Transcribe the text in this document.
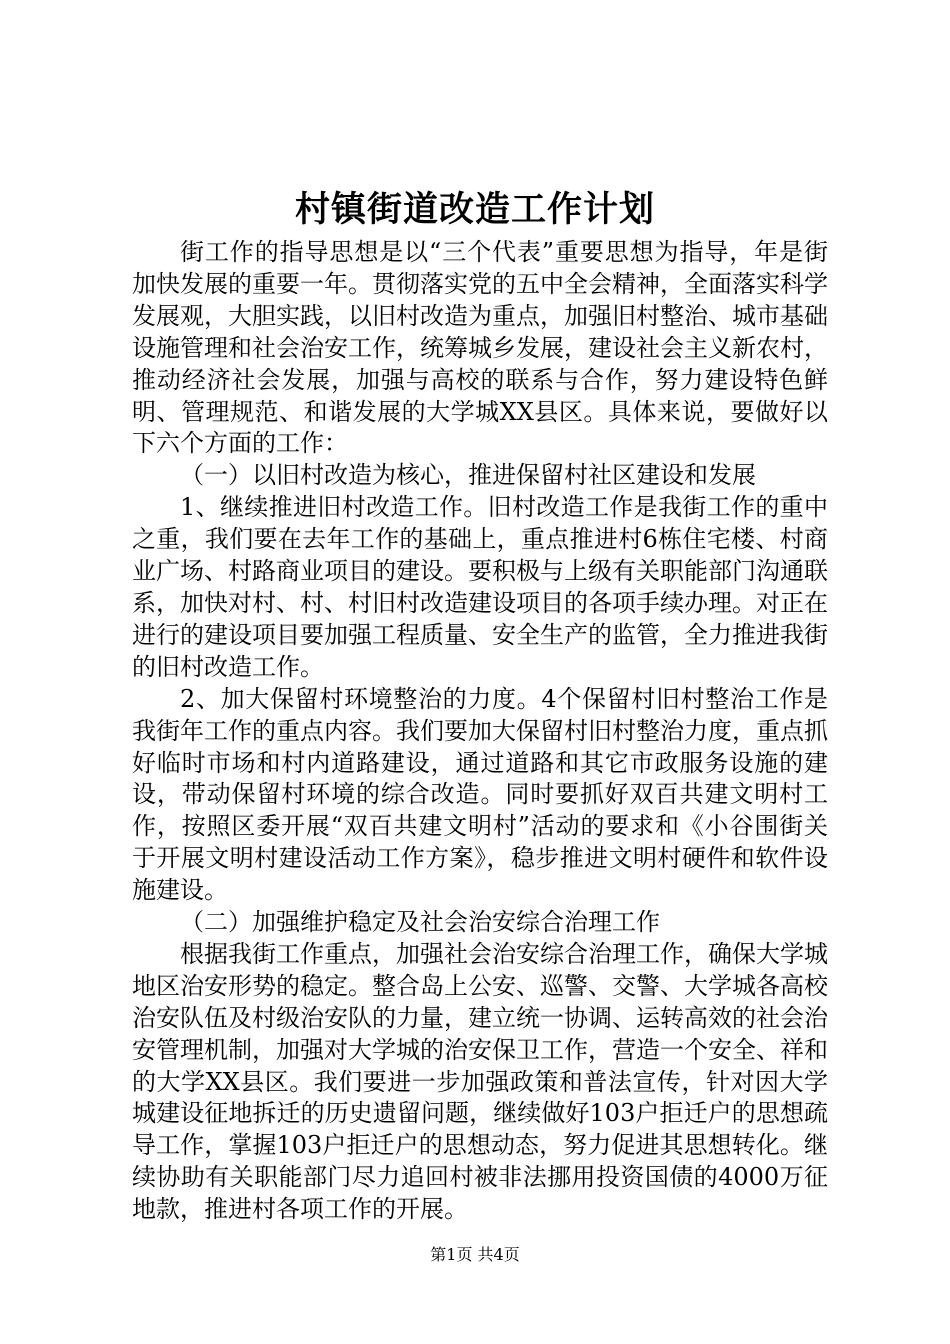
村镇街道改造工作计划

街工作的指导思想是以“三个代表”重要思想为指导，年是街加快发展的重要一年。贯彻落实党的五中全会精神，全面落实科学发展观，大胆实践，以旧村改造为重点，加强旧村整治、城市基础设施管理和社会治安工作，统筹城乡发展，建设社会主义新农村，推动经济社会发展，加强与高校的联系与合作，努力建设特色鲜明、管理规范、和谐发展的大学城XX县区。具体来说，要做好以下六个方面的工作：

（一）以旧村改造为核心，推进保留村社区建设和发展

1、继续推进旧村改造工作。旧村改造工作是我街工作的重中之重，我们要在去年工作的基础上，重点推进村6栋住宅楼、村商业广场、村路商业项目的建设。要积极与上级有关职能部门沟通联系，加快对村、村、村旧村改造建设项目的各项手续办理。对正在进行的建设项目要加强工程质量、安全生产的监管，全力推进我街的旧村改造工作。

2、加大保留村环境整治的力度。4个保留村旧村整治工作是我街年工作的重点内容。我们要加大保留村旧村整治力度，重点抓好临时市场和村内道路建设，通过道路和其它市政服务设施的建设，带动保留村环境的综合改造。同时要抓好双百共建文明村工作，按照区委开展“双百共建文明村”活动的要求和《小谷围街关于开展文明村建设活动工作方案》，稳步推进文明村硬件和软件设施建设。

（二）加强维护稳定及社会治安综合治理工作

根据我街工作重点，加强社会治安综合治理工作，确保大学城地区治安形势的稳定。整合岛上公安、巡警、交警、大学城各高校治安队伍及村级治安队的力量，建立统一协调、运转高效的社会治安管理机制，加强对大学城的治安保卫工作，营造一个安全、祥和的大学XX县区。我们要进一步加强政策和普法宣传，针对因大学城建设征地拆迁的历史遗留问题，继续做好103户拒迁户的思想疏导工作，掌握103户拒迁户的思想动态，努力促进其思想转化。继续协助有关职能部门尽力追回村被非法挪用投资国债的4000万征地款，推进村各项工作的开展。

第1页 共4页
